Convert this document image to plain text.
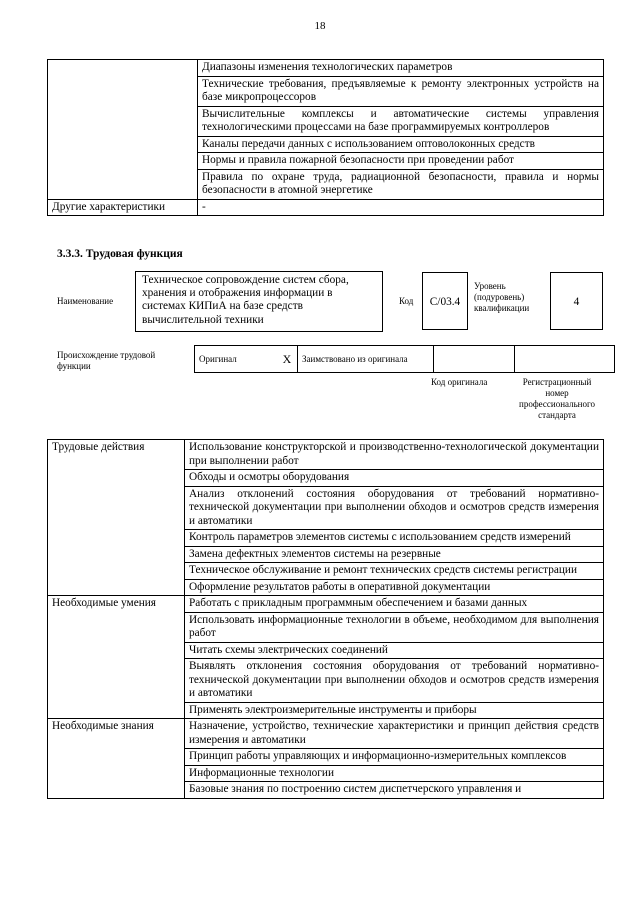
18
	Диапазоны изменения технологических параметров
	Технические требования, предъявляемые к ремонту электронных устройств на базе микропроцессоров
	Вычислительные комплексы и автоматические системы управления технологическими процессами на базе программируемых контроллеров
	Каналы передачи данных с использованием оптоволоконных средств
	Нормы и правила пожарной безопасности при проведении работ
	Правила по охране труда, радиационной безопасности, правила и нормы безопасности в атомной энергетике
Другие характеристики	-
3.3.3. Трудовая функция
Наименование
Техническое сопровождение систем сбора, хранения и отображения информации в системах КИПиА на базе средств вычислительной техники
Код	C/03.4
Уровень (подуровень) квалификации	4
Происхождение трудовой функции
Оригинал	X	Заимствовано из оригинала		
Код оригинала	Регистрационный номер профессионального стандарта
Трудовые действия	Использование конструкторской и производственно-технологической документации при выполнении работ
	Обходы и осмотры оборудования
	Анализ отклонений состояния оборудования от требований нормативно-технической документации при выполнении обходов и осмотров средств измерения и автоматики
	Контроль параметров элементов системы с использованием средств измерений
	Замена дефектных элементов системы на резервные
	Техническое обслуживание и ремонт технических средств системы регистрации
	Оформление результатов работы в оперативной документации
Необходимые умения	Работать с прикладным программным обеспечением и базами данных
	Использовать информационные технологии в объеме, необходимом для выполнения работ
	Читать схемы электрических соединений
	Выявлять отклонения состояния оборудования от требований нормативно-технической документации при выполнении обходов и осмотров средств измерения и автоматики
	Применять электроизмерительные инструменты и приборы
Необходимые знания	Назначение, устройство, технические характеристики и принцип действия средств измерения и автоматики
	Принцип работы управляющих и информационно-измерительных комплексов
	Информационные технологии
	Базовые знания по построению систем диспетчерского управления и
